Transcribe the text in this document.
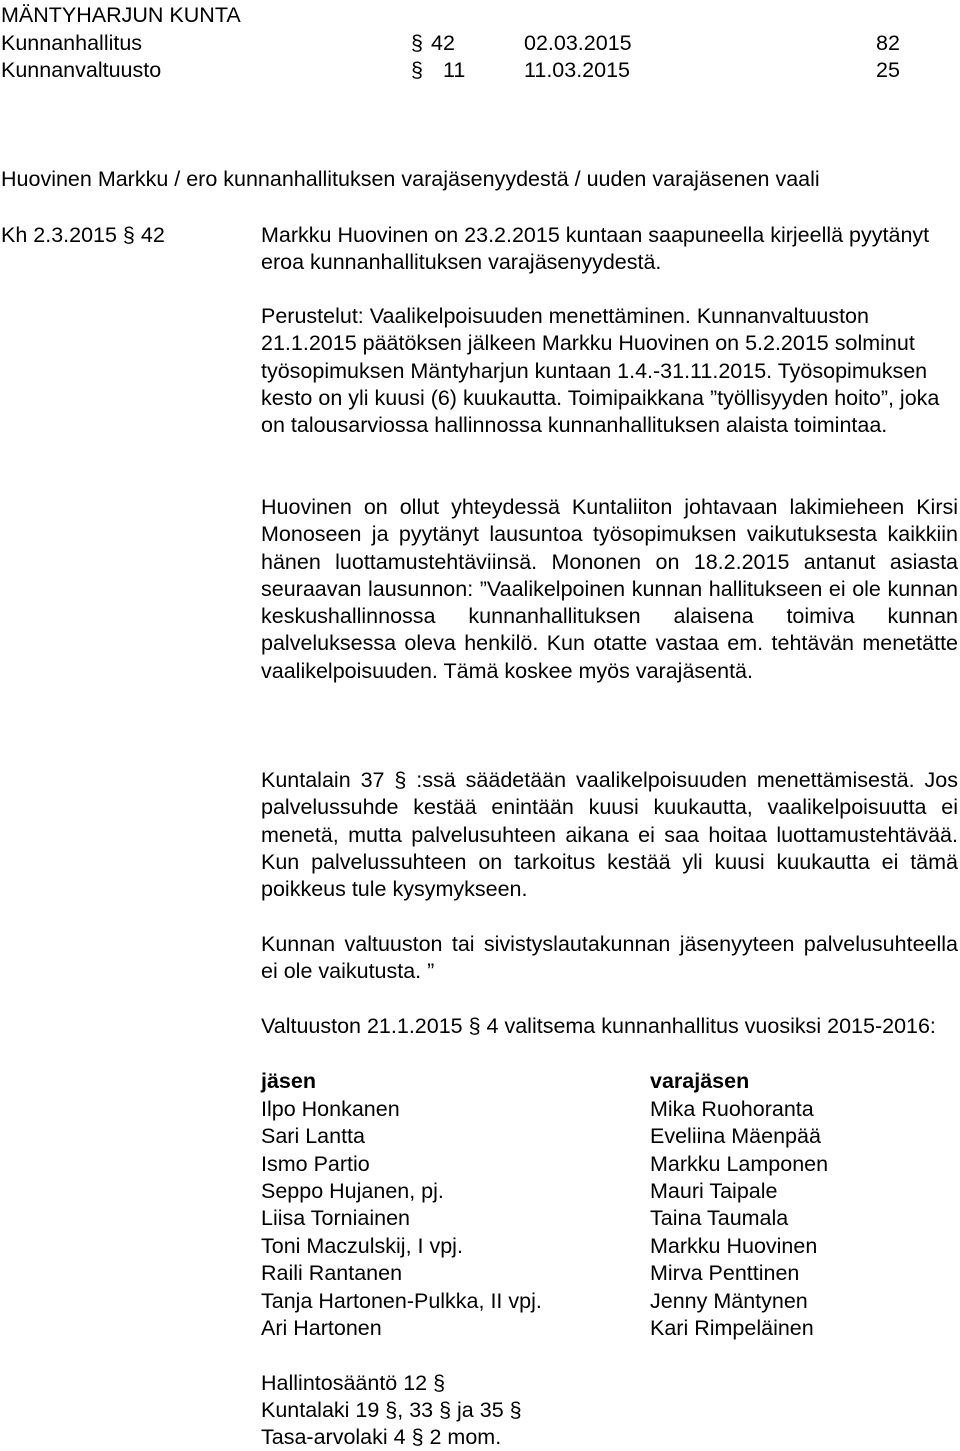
MÄNTYHARJUN KUNTA
Kunnanhallitus	§ 42	02.03.2015	82
Kunnanvaltuusto	§ 11	11.03.2015	25
Huovinen Markku / ero kunnanhallituksen varajäsenyydestä / uuden varajäsenen vaali
Kh 2.3.2015 § 42	Markku Huovinen on 23.2.2015 kuntaan saapuneella kirjeellä pyytänyt eroa kunnanhallituksen varajäsenyydestä.

Perustelut: Vaalikelpoisuuden menettäminen. Kunnanvaltuuston 21.1.2015 päätöksen jälkeen Markku Huovinen on 5.2.2015 solminut työsopimuksen Mäntyharjun kuntaan 1.4.-31.11.2015. Työsopimuksen kesto on yli kuusi (6) kuukautta. Toimipaikkana ”työllisyyden hoito”, joka on talousarviossa hallinnossa kunnanhallituksen alaista toimintaa.

Huovinen on ollut yhteydessä Kuntaliiton johtavaan lakimieheen Kirsi Monoseen ja pyytänyt lausuntoa työsopimuksen vaikutuksesta kaikkiin hänen luottamustehtäviinsä. Mononen on 18.2.2015 antanut asiasta seuraavan lausunnon: ”Vaalikelpoinen kunnan hallitukseen ei ole kunnan keskushallinnossa kunnanhallituksen alaisena toimiva kunnan palveluksessa oleva henkilö. Kun otatte vastaa em. tehtävän menetätte vaalikelpoisuuden. Tämä koskee myös varajäsentä.

Kuntalain 37 § :ssä säädetään vaalikelpoisuuden menettämisestä. Jos palvelussuhde kestää enintään kuusi kuukautta, vaalikelpoisuutta ei menetä, mutta palvelusuhteen aikana ei saa hoitaa luottamustehtävää. Kun palvelussuhteen on tarkoitus kestää yli kuusi kuukautta ei tämä poikkeus tule kysymykseen.

Kunnan valtuuston tai sivistyslautakunnan jäsenyyteen palvelusuhteella ei ole vaikutusta. ”

Valtuuston 21.1.2015 § 4 valitsema kunnanhallitus vuosiksi 2015-2016:

jäsen	varajäsen
Ilpo Honkanen	Mika Ruohoranta
Sari Lantta	Eveliina Mäenpää
Ismo Partio	Markku Lamponen
Seppo Hujanen, pj.	Mauri Taipale
Liisa Torniainen	Taina Taumala
Toni Maczulskij, I vpj.	Markku Huovinen
Raili Rantanen	Mirva Penttinen
Tanja Hartonen-Pulkka, II vpj.	Jenny Mäntynen
Ari Hartonen	Kari Rimpeläinen
Hallintosääntö 12 §
Kuntalaki 19 §, 33 § ja 35 §
Tasa-arvolaki 4 § 2 mom.
